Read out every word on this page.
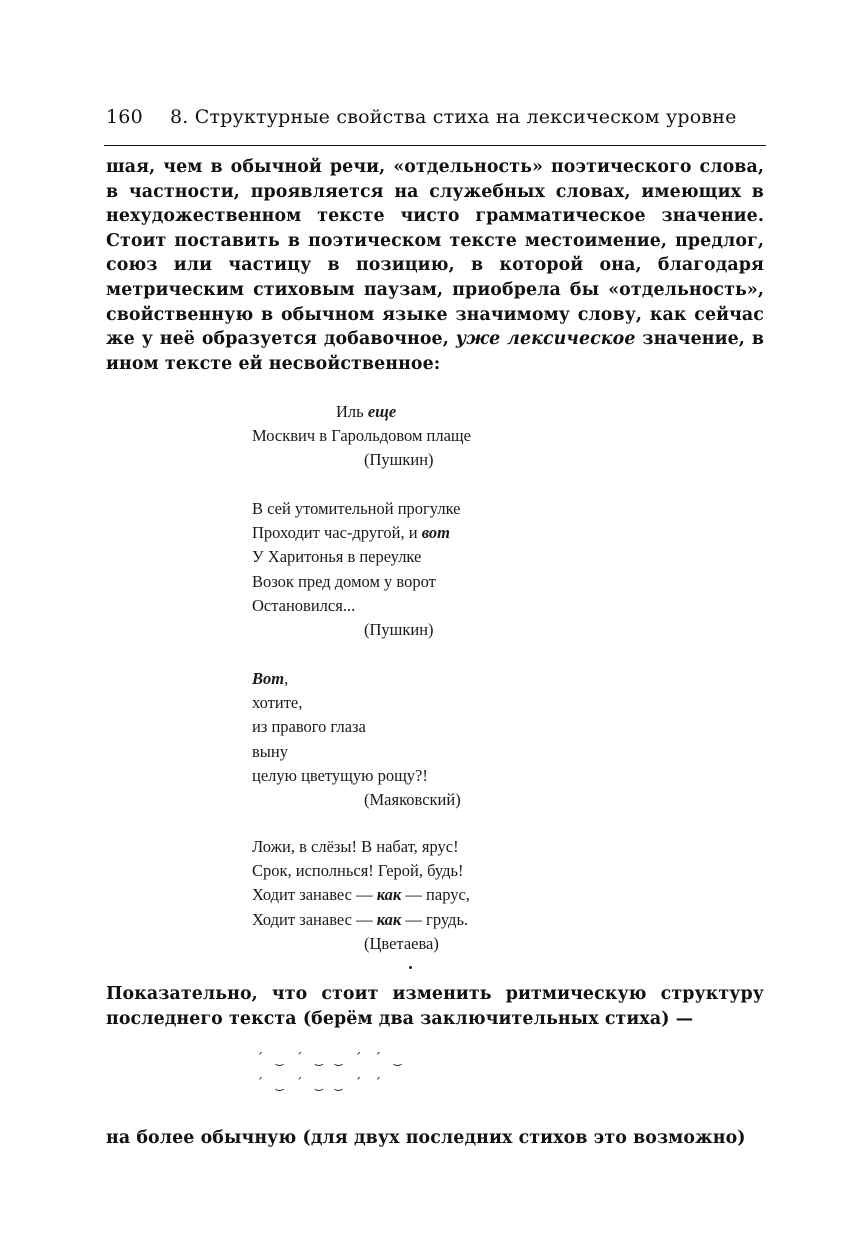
160 8. Структурные свойства стиха на лексическом уровне
шая, чем в обычной речи, «отдельность» поэтического слова, в частности, проявляется на служебных словах, имеющих в нехудожественном тексте чисто грамматическое значение. Стоит поставить в поэтическом тексте местоимение, предлог, союз или частицу в позицию, в которой она, благодаря метрическим стиховым паузам, приобрела бы «отдельность», свойственную в обычном языке значимому слову, как сейчас же у неё образуется добавочное, уже лексическое значение, в ином тексте ей несвойственное:
Иль еще
Москвич в Гарольдовом плаще
(Пушкин)
В сей утомительной прогулке
Проходит час-другой, и вот
У Харитонья в переулке
Возок пред домом у ворот
Остановился...
(Пушкин)
Вот,
хотите,
из правого глаза
выну
целую цветущую рощу?!
(Маяковский)
Ложи, в слёзы! В набат, ярус!
Срок, исполнься! Герой, будь!
Ходит занавес — как — парус,
Ходит занавес — как — грудь.
(Цветаева)
Показательно, что стоит изменить ритмическую структуру последнего текста (берём два заключительных стиха) —
´ ‿ ´ ‿ ‿ ´ ´ ‿
´ ‿ ´ ‿ ‿ ´ ´
на более обычную (для двух последних стихов это возможно)
